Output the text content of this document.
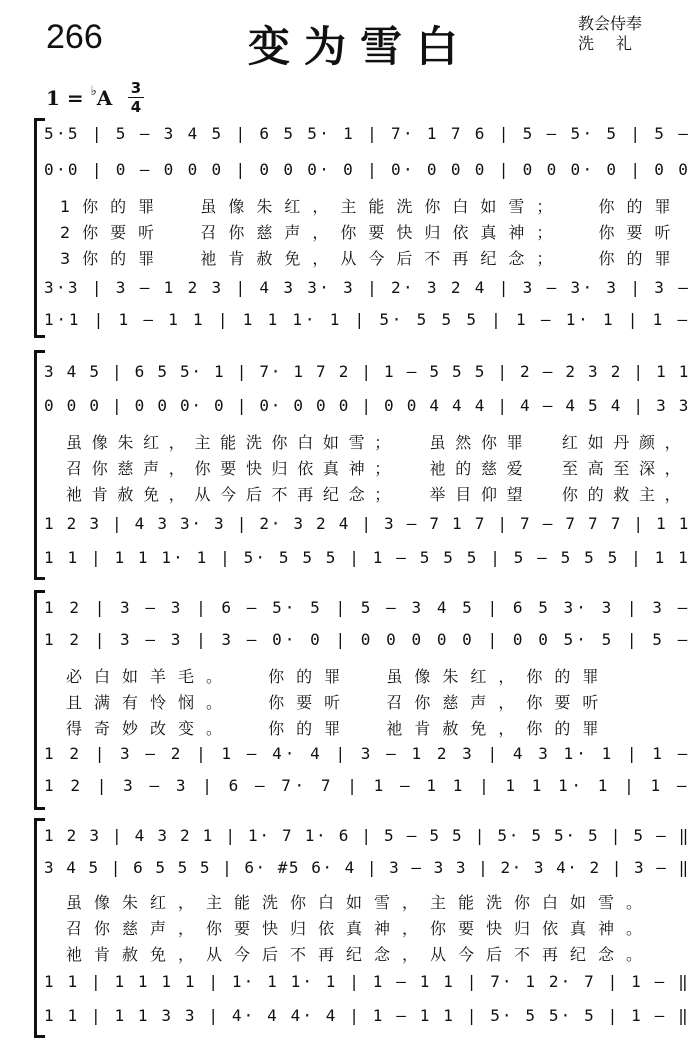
266	变为雪白	教会侍奉
洗礼
1 = ♭A 3
4
5·5 | 5 – 3 4 5 | 6 5 5· 1 | 7· 1 7 6 | 5 – 5· 5 | 5 –
0·0 | 0 – 0 0 0 | 0 0 0· 0 | 0· 0 0 0 | 0 0 0· 0 | 0 0
1你的罪  虽像朱红，主能洗你白如雪；  你的罪
2你要听  召你慈声，你要快归依真神；  你要听
3你的罪  祂肯赦免，从今后不再纪念；  你的罪
3·3 | 3 – 1 2 3 | 4 3 3· 3 | 2· 3 2 4 | 3 – 3· 3 | 3 –
1·1 | 1 – 1 1 | 1 1 1· 1 | 5· 5 5 5 | 1 – 1· 1 | 1 –
3 4 5 | 6 5 5· 1 | 7· 1 7 2 | 1 – 5 5 5 | 2 – 2 3 2 | 1 1
0 0 0 | 0 0 0· 0 | 0· 0 0 0 | 0 0 4 4 4 | 4 – 4 5 4 | 3 3
虽像朱红，主能洗你白如雪；  虽然你罪  红如丹颜，
召你慈声，你要快归依真神；  祂的慈爱  至高至深，
祂肯赦免，从今后不再纪念；  举目仰望  你的救主，
1 2 3 | 4 3 3· 3 | 2· 3 2 4 | 3 – 7 1 7 | 7 – 7 7 7 | 1 1
1 1 | 1 1 1· 1 | 5· 5 5 5 | 1 – 5 5 5 | 5 – 5 5 5 | 1 1
1 2 | 3 – 3 | 6 – 5· 5 | 5 – 3 4 5 | 6 5 3· 3 | 3 –
1 2 | 3 – 3 | 3 – 0· 0 | 0 0 0 0 0 | 0 0 5· 5 | 5 –
必白如羊毛。  你的罪  虽像朱红，你的罪
且满有怜悯。  你要听  召你慈声，你要听
得奇妙改变。  你的罪  祂肯赦免，你的罪
1 2 | 3 – 2 | 1 – 4· 4 | 3 – 1 2 3 | 4 3 1· 1 | 1 –
1 2 | 3 – 3 | 6 – 7· 7 | 1 – 1 1 | 1 1 1· 1 | 1 –
1 2 3 | 4 3 2 1 | 1· 7 1· 6 | 5 – 5 5 | 5· 5 5· 5 | 5 – ‖
3 4 5 | 6 5 5 5 | 6· #5 6· 4 | 3 – 3 3 | 2· 3 4· 2 | 3 – ‖
虽像朱红，主能洗你白如雪，主能洗你白如雪。
召你慈声，你要快归依真神，你要快归依真神。
祂肯赦免，从今后不再纪念，从今后不再纪念。
1 1 | 1 1 1 1 | 1· 1 1· 1 | 1 – 1 1 | 7· 1 2· 7 | 1 – ‖
1 1 | 1 1 3 3 | 4· 4 4· 4 | 1 – 1 1 | 5· 5 5· 5 | 1 – ‖
